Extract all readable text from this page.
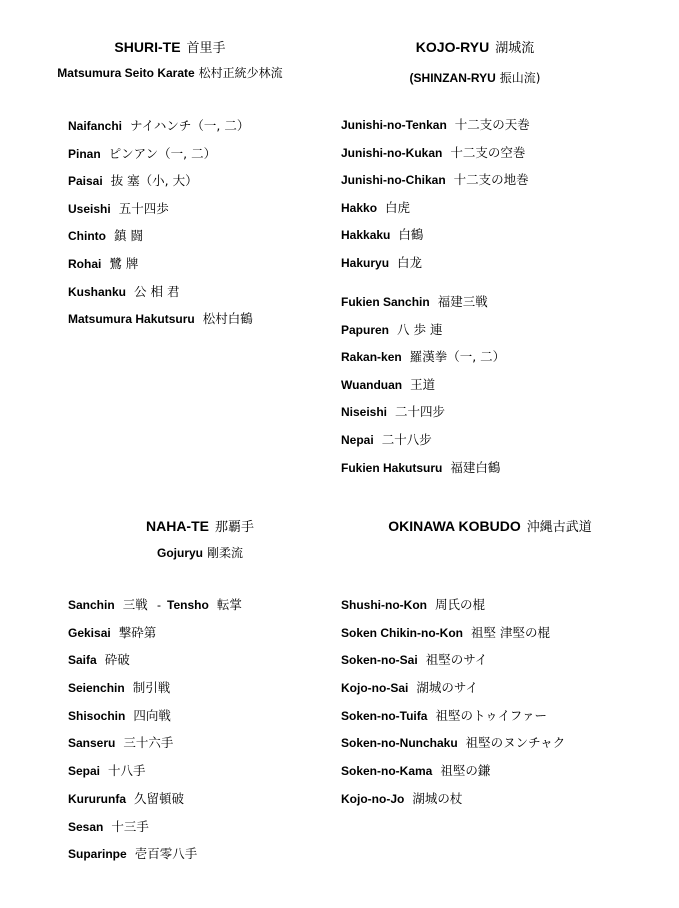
SHURI-TE 首里手
Matsumura Seito Karate 松村正統少林流
KOJO-RYU 湖城流
(SHINZAN-RYU 振山流)
Naifanchi ナイハンチ（一, 二）
Pinan ピンアン（一, 二）
Paisai 抜 塞（小, 大）
Useishi 五十四歩
Chinto 鎮 闘
Rohai 鷺 牌
Kushanku 公 相 君
Matsumura Hakutsuru 松村白鶴
Junishi-no-Tenkan 十二支の天巻
Junishi-no-Kukan 十二支の空巻
Junishi-no-Chikan 十二支の地巻
Hakko 白虎
Hakkaku 白鶴
Hakuryu 白龙
Fukien Sanchin 福建三戦
Papuren 八 歩 連
Rakan-ken 羅漢拳（一, 二）
Wuanduan 王道
Niseishi 二十四步
Nepai 二十八步
Fukien Hakutsuru 福建白鶴
NAHA-TE 那覇手
Gojuryu 剛柔流
OKINAWA KOBUDO 沖縄古武道
Sanchin 三戦 - Tensho 転掌
Gekisai 撃砕第
Saifa 砕破
Seienchin 制引戦
Shisochin 四向戦
Sanseru 三十六手
Sepai 十八手
Kururunfa 久留頓破
Sesan 十三手
Suparinpe 壱百零八手
Shushi-no-Kon 周氏の棍
Soken Chikin-no-Kon 祖堅 津堅の棍
Soken-no-Sai 祖堅のサイ
Kojo-no-Sai 湖城のサイ
Soken-no-Tuifa 祖堅のトゥイファー
Soken-no-Nunchaku 祖堅のヌンチャク
Soken-no-Kama 祖堅の鎌
Kojo-no-Jo 湖城の杖
